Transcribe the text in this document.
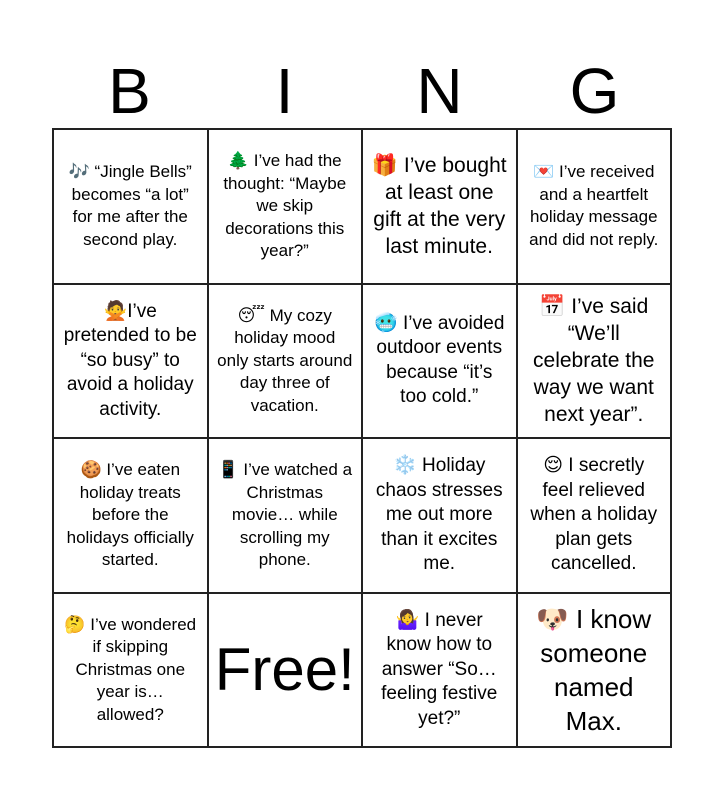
B	I	N	G
🎶 “Jingle Bells” becomes “a lot” for me after the second play.
🌲 I’ve had the thought: “Maybe we skip decorations this year?”
🎁 I’ve bought at least one gift at the very last minute.
💌 I’ve received and a heartfelt holiday message and did not reply.
🙅I’ve pretended to be “so busy” to avoid a holiday activity.
😴 My cozy holiday mood only starts around day three of vacation.
🥶 I’ve avoided outdoor events because “it’s too cold.”
📅 I’ve said “We’ll celebrate the way we want next year”.
🍪 I’ve eaten holiday treats before the holidays officially started.
📱 I’ve watched a Christmas movie… while scrolling my phone.
❄️ Holiday chaos stresses me out more than it excites me.
😌 I secretly feel relieved when a holiday plan gets cancelled.
🤔 I’ve wondered if skipping Christmas one year is… allowed?
Free!
🤷‍♀️ I never know how to answer “So… feeling festive yet?”
🐶 I know someone named Max.
